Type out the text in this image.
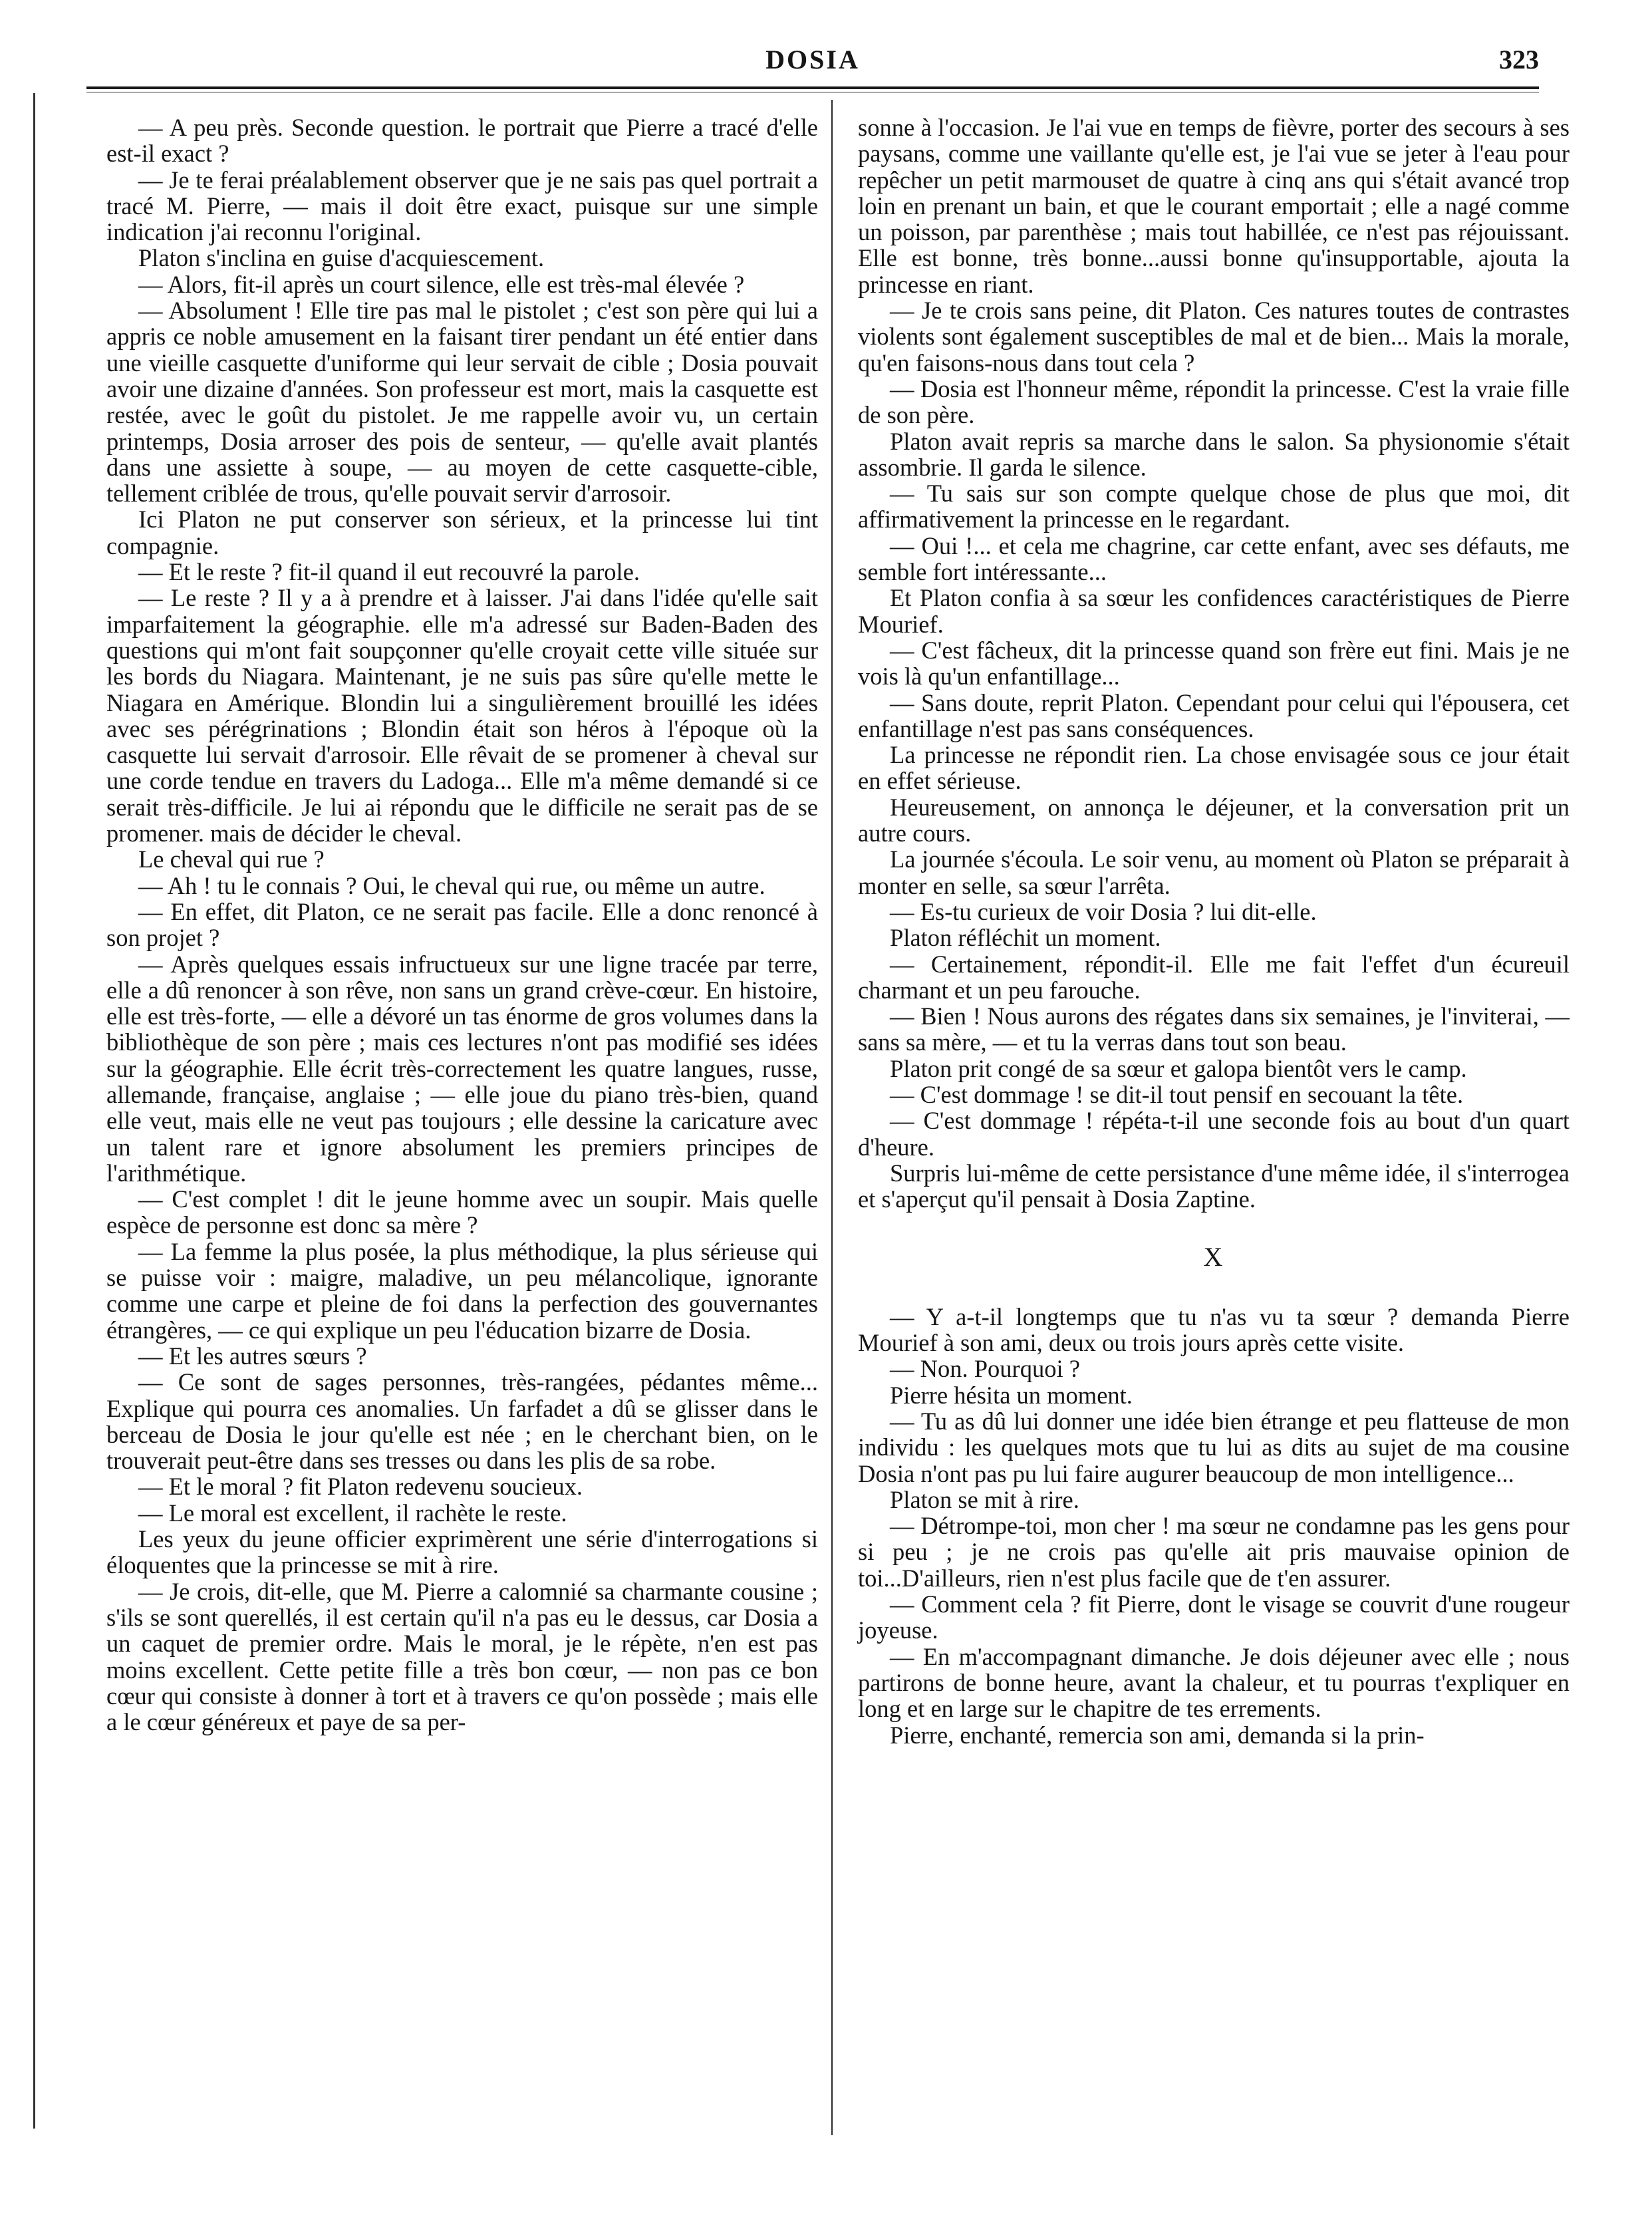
DOSIA	323

— A peu près. Seconde question. le portrait que Pierre a tracé d'elle est-il exact ?

— Je te ferai préalablement observer que je ne sais pas quel portrait a tracé M. Pierre, — mais il doit être exact, puisque sur une simple indication j'ai reconnu l'original.

Platon s'inclina en guise d'acquiescement.

— Alors, fit-il après un court silence, elle est très-mal élevée ?

— Absolument ! Elle tire pas mal le pistolet ; c'est son père qui lui a appris ce noble amusement en la faisant tirer pendant un été entier dans une vieille casquette d'uniforme qui leur servait de cible ; Dosia pouvait avoir une dizaine d'années. Son professeur est mort, mais la casquette est restée, avec le goût du pistolet. Je me rappelle avoir vu, un certain printemps, Dosia arroser des pois de senteur, — qu'elle avait plantés dans une assiette à soupe, — au moyen de cette casquette-cible, tellement criblée de trous, qu'elle pouvait servir d'arrosoir.

Ici Platon ne put conserver son sérieux, et la princesse lui tint compagnie.

— Et le reste ? fit-il quand il eut recouvré la parole.

— Le reste ? Il y a à prendre et à laisser. J'ai dans l'idée qu'elle sait imparfaitement la géographie. elle m'a adressé sur Baden-Baden des questions qui m'ont fait soupçonner qu'elle croyait cette ville située sur les bords du Niagara. Maintenant, je ne suis pas sûre qu'elle mette le Niagara en Amérique. Blondin lui a singulièrement brouillé les idées avec ses pérégrinations ; Blondin était son héros à l'époque où la casquette lui servait d'arrosoir. Elle rêvait de se promener à cheval sur une corde tendue en travers du Ladoga... Elle m'a même demandé si ce serait très-difficile. Je lui ai répondu que le difficile ne serait pas de se promener. mais de décider le cheval.

Le cheval qui rue ?

— Ah ! tu le connais ? Oui, le cheval qui rue, ou même un autre.

— En effet, dit Platon, ce ne serait pas facile. Elle a donc renoncé à son projet ?

— Après quelques essais infructueux sur une ligne tracée par terre, elle a dû renoncer à son rêve, non sans un grand crève-cœur. En histoire, elle est très-forte, — elle a dévoré un tas énorme de gros volumes dans la bibliothèque de son père ; mais ces lectures n'ont pas modifié ses idées sur la géographie. Elle écrit très-correctement les quatre langues, russe, allemande, française, anglaise ; — elle joue du piano très-bien, quand elle veut, mais elle ne veut pas toujours ; elle dessine la caricature avec un talent rare et ignore absolument les premiers principes de l'arithmétique.

— C'est complet ! dit le jeune homme avec un soupir. Mais quelle espèce de personne est donc sa mère ?

— La femme la plus posée, la plus méthodique, la plus sérieuse qui se puisse voir : maigre, maladive, un peu mélancolique, ignorante comme une carpe et pleine de foi dans la perfection des gouvernantes étrangères, — ce qui explique un peu l'éducation bizarre de Dosia.

— Et les autres sœurs ?

— Ce sont de sages personnes, très-rangées, pédantes même... Explique qui pourra ces anomalies. Un farfadet a dû se glisser dans le berceau de Dosia le jour qu'elle est née ; en le cherchant bien, on le trouverait peut-être dans ses tresses ou dans les plis de sa robe.

— Et le moral ? fit Platon redevenu soucieux.

— Le moral est excellent, il rachète le reste.

Les yeux du jeune officier exprimèrent une série d'interrogations si éloquentes que la princesse se mit à rire.

— Je crois, dit-elle, que M. Pierre a calomnié sa charmante cousine ; s'ils se sont querellés, il est certain qu'il n'a pas eu le dessus, car Dosia a un caquet de premier ordre. Mais le moral, je le répète, n'en est pas moins excellent. Cette petite fille a très bon cœur, — non pas ce bon cœur qui consiste à donner à tort et à travers ce qu'on possède ; mais elle a le cœur généreux et paye de sa per-

sonne à l'occasion. Je l'ai vue en temps de fièvre, porter des secours à ses paysans, comme une vaillante qu'elle est, je l'ai vue se jeter à l'eau pour repêcher un petit marmouset de quatre à cinq ans qui s'était avancé trop loin en prenant un bain, et que le courant emportait ; elle a nagé comme un poisson, par parenthèse ; mais tout habillée, ce n'est pas réjouissant. Elle est bonne, très bonne...aussi bonne qu'insupportable, ajouta la princesse en riant.

— Je te crois sans peine, dit Platon. Ces natures toutes de contrastes violents sont également susceptibles de mal et de bien... Mais la morale, qu'en faisons-nous dans tout cela ?

— Dosia est l'honneur même, répondit la princesse. C'est la vraie fille de son père.

Platon avait repris sa marche dans le salon. Sa physionomie s'était assombrie. Il garda le silence.

— Tu sais sur son compte quelque chose de plus que moi, dit affirmativement la princesse en le regardant.

— Oui !... et cela me chagrine, car cette enfant, avec ses défauts, me semble fort intéressante...

Et Platon confia à sa sœur les confidences caractéristiques de Pierre Mourief.

— C'est fâcheux, dit la princesse quand son frère eut fini. Mais je ne vois là qu'un enfantillage...

— Sans doute, reprit Platon. Cependant pour celui qui l'épousera, cet enfantillage n'est pas sans conséquences.

La princesse ne répondit rien. La chose envisagée sous ce jour était en effet sérieuse.

Heureusement, on annonça le déjeuner, et la conversation prit un autre cours.

La journée s'écoula. Le soir venu, au moment où Platon se préparait à monter en selle, sa sœur l'arrêta.

— Es-tu curieux de voir Dosia ? lui dit-elle.

Platon réfléchit un moment.

— Certainement, répondit-il. Elle me fait l'effet d'un écureuil charmant et un peu farouche.

— Bien ! Nous aurons des régates dans six semaines, je l'inviterai, — sans sa mère, — et tu la verras dans tout son beau.

Platon prit congé de sa sœur et galopa bientôt vers le camp.

— C'est dommage ! se dit-il tout pensif en secouant la tête.

— C'est dommage ! répéta-t-il une seconde fois au bout d'un quart d'heure.

Surpris lui-même de cette persistance d'une même idée, il s'interrogea et s'aperçut qu'il pensait à Dosia Zaptine.

X

— Y a-t-il longtemps que tu n'as vu ta sœur ? demanda Pierre Mourief à son ami, deux ou trois jours après cette visite.

— Non. Pourquoi ?

Pierre hésita un moment.

— Tu as dû lui donner une idée bien étrange et peu flatteuse de mon individu : les quelques mots que tu lui as dits au sujet de ma cousine Dosia n'ont pas pu lui faire augurer beaucoup de mon intelligence...

Platon se mit à rire.

— Détrompe-toi, mon cher ! ma sœur ne condamne pas les gens pour si peu ; je ne crois pas qu'elle ait pris mauvaise opinion de toi...D'ailleurs, rien n'est plus facile que de t'en assurer.

— Comment cela ? fit Pierre, dont le visage se couvrit d'une rougeur joyeuse.

— En m'accompagnant dimanche. Je dois déjeuner avec elle ; nous partirons de bonne heure, avant la chaleur, et tu pourras t'expliquer en long et en large sur le chapitre de tes errements.

Pierre, enchanté, remercia son ami, demanda si la prin-
